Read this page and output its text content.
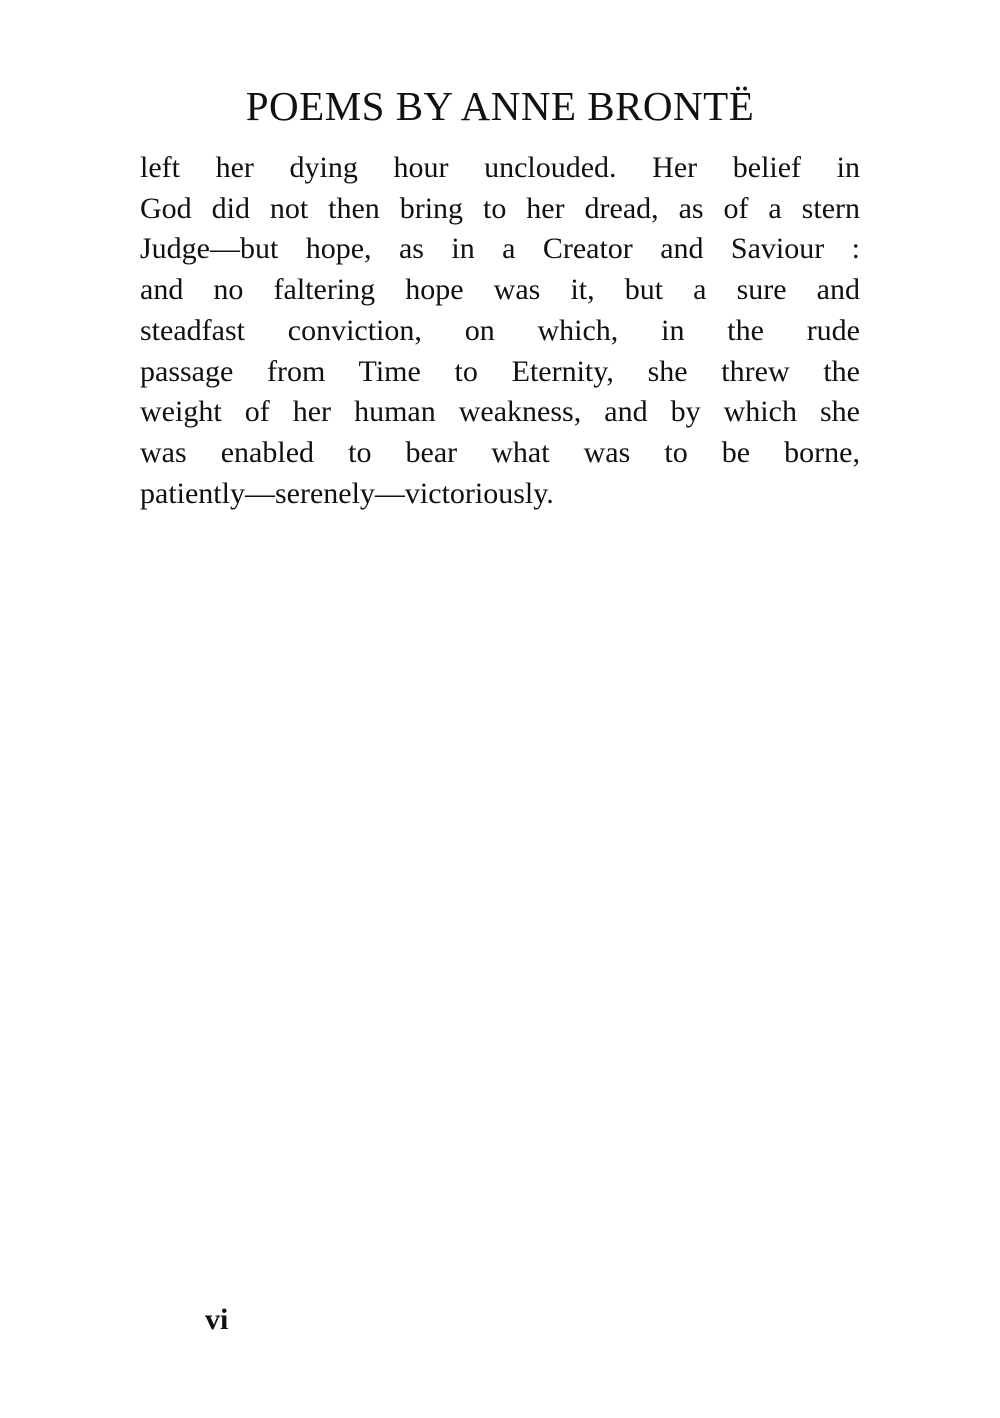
POEMS BY ANNE BRONTË

left her dying hour unclouded. Her belief in
God did not then bring to her dread, as of a stern
Judge—but hope, as in a Creator and Saviour :
and no faltering hope was it, but a sure and
steadfast conviction, on which, in the rude
passage from Time to Eternity, she threw the
weight of her human weakness, and by which she
was enabled to bear what was to be borne,
patiently—serenely—victoriously.

vi
